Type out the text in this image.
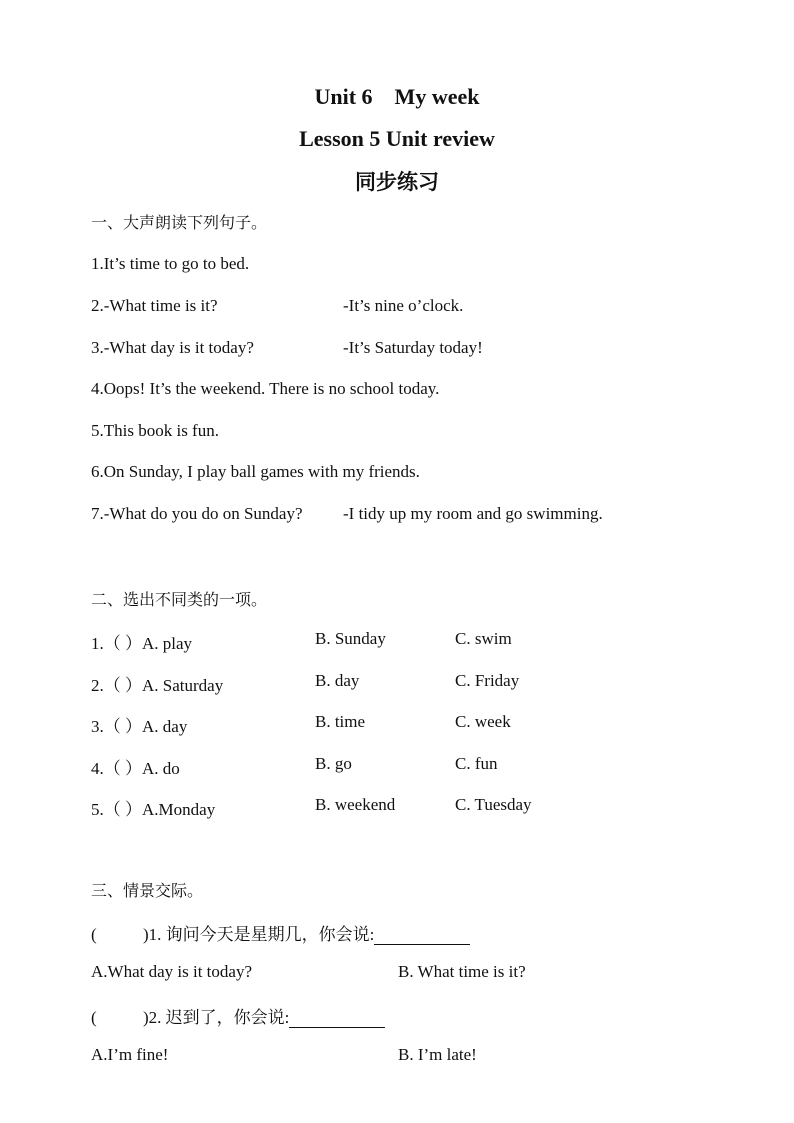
Unit 6    My week
Lesson 5 Unit review
同步练习
一、大声朗读下列句子。
1.It’s time to go to bed.
2.-What time is it?	-It’s nine o’clock.
3.-What day is it today?	-It’s Saturday today!
4.Oops! It’s the weekend. There is no school today.
5.This book is fun.
6.On Sunday, I play ball games with my friends.
7.-What do you do on Sunday? -I tidy up my room and go swimming.
二、选出不同类的一项。
1.（ ）A. play	B. Sunday	C. swim
2.（ ）A. Saturday	B. day	C. Friday
3.（ ）A. day	B. time	C. week
4.（ ）A. do	B. go	C. fun
5.（ ）A.Monday	B. weekend	C. Tuesday
三、情景交际。
(	)1. 询问今天是星期几，你会说:
A.What day is it today?	B. What time is it?
(	)2. 迟到了，你会说:
A.I’m fine!	B. I’m late!
